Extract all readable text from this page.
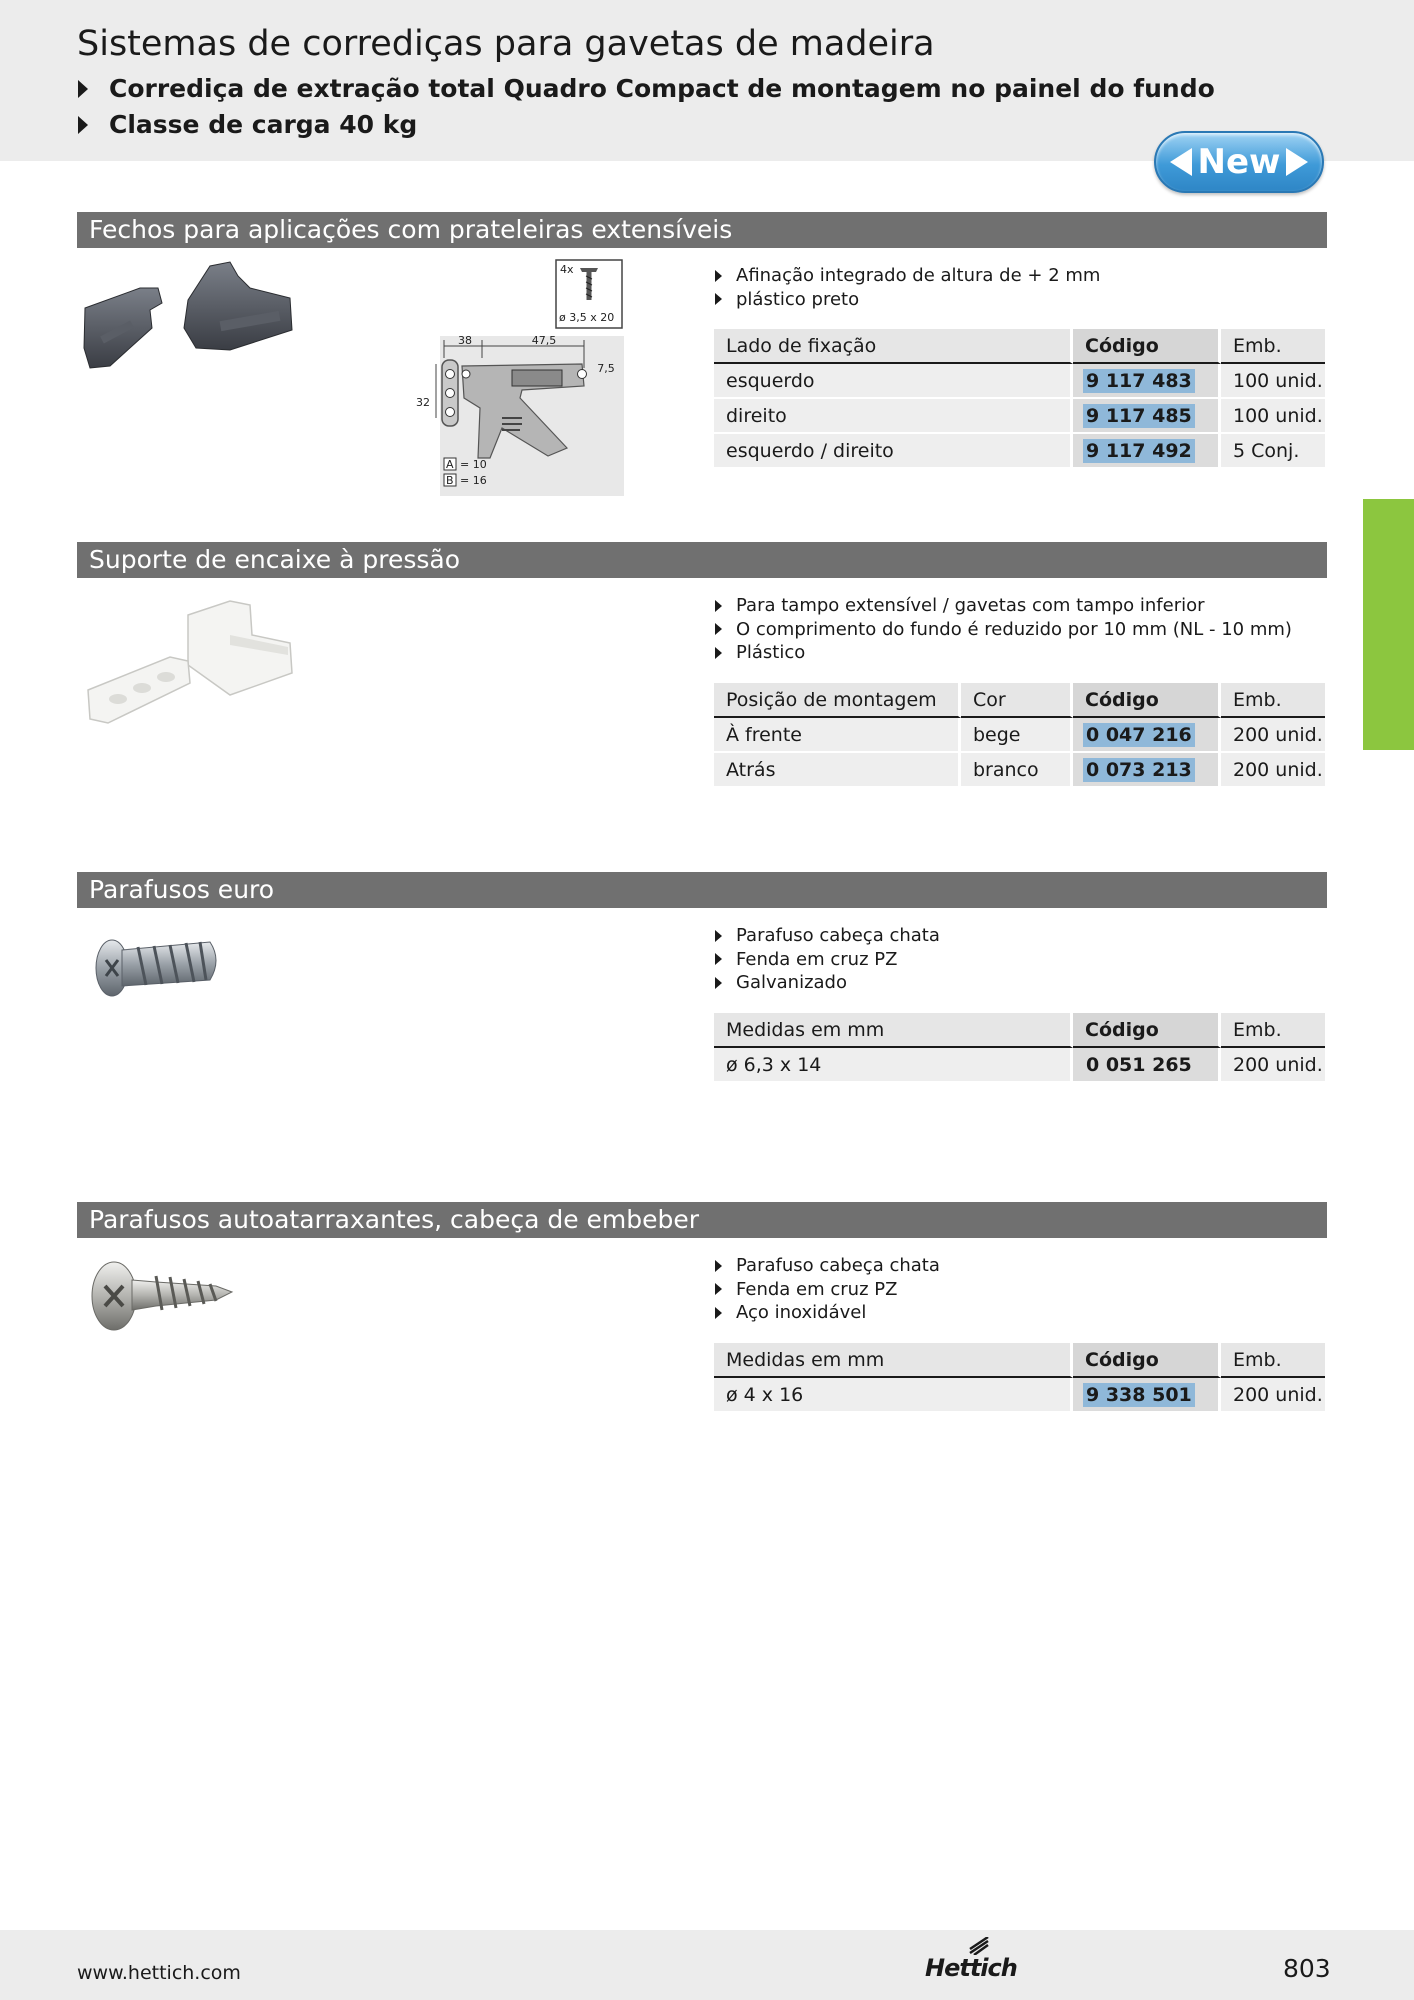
Sistemas de corrediças para gavetas de madeira
Corrediça de extração total Quadro Compact de montagem no painel do fundo
Classe de carga 40 kg
New
Fechos para aplicações com prateleiras extensíveis
4x
ø 3,5 x 20
38	47,5
7,5
32
A = 10
B = 16
Afinação integrado de altura de + 2 mm
plástico preto
Lado de fixação	Código	Emb.
esquerdo	9 117 483	100 unid.
direito	9 117 485	100 unid.
esquerdo / direito	9 117 492	5 Conj.
Suporte de encaixe à pressão
Para tampo extensível / gavetas com tampo inferior
O comprimento do fundo é reduzido por 10 mm (NL - 10 mm)
Plástico
Posição de montagem	Cor	Código	Emb.
À frente	bege	0 047 216	200 unid.
Atrás	branco	0 073 213	200 unid.
Parafusos euro
Parafuso cabeça chata
Fenda em cruz PZ
Galvanizado
Medidas em mm	Código	Emb.
ø 6,3 x 14	0 051 265	200 unid.
Parafusos autoatarraxantes, cabeça de embeber
Parafuso cabeça chata
Fenda em cruz PZ
Aço inoxidável
Medidas em mm	Código	Emb.
ø 4 x 16	9 338 501	200 unid.
www.hettich.com	Hettich	803
